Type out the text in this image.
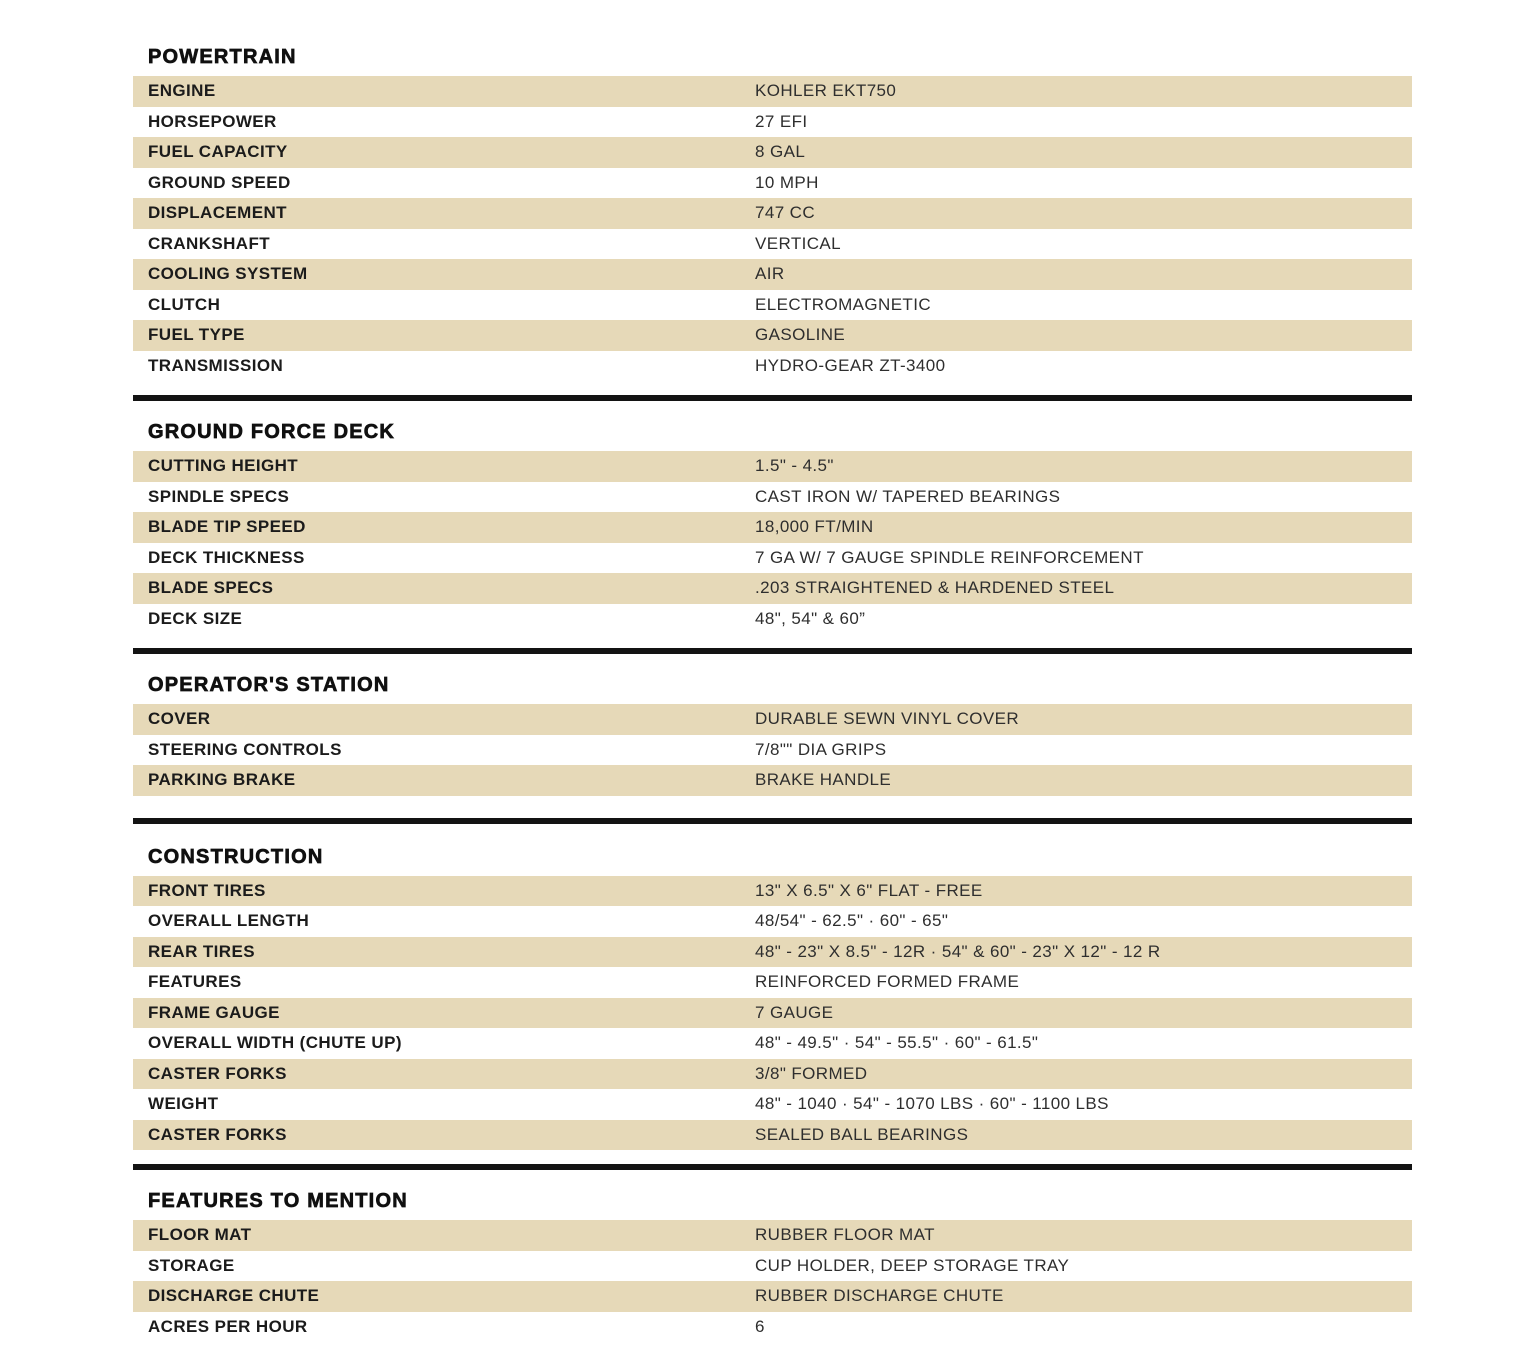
POWERTRAIN
ENGINE	KOHLER EKT750
HORSEPOWER	27 EFI
FUEL CAPACITY	8 GAL
GROUND SPEED	10 MPH
DISPLACEMENT	747 CC
CRANKSHAFT	VERTICAL
COOLING SYSTEM	AIR
CLUTCH	ELECTROMAGNETIC
FUEL TYPE	GASOLINE
TRANSMISSION	HYDRO-GEAR ZT-3400
GROUND FORCE DECK
CUTTING HEIGHT	1.5" - 4.5"
SPINDLE SPECS	CAST IRON W/ TAPERED BEARINGS
BLADE TIP SPEED	18,000 FT/MIN
DECK THICKNESS	7 GA W/ 7 GAUGE SPINDLE REINFORCEMENT
BLADE SPECS	.203 STRAIGHTENED & HARDENED STEEL
DECK SIZE	48", 54" & 60”
OPERATOR'S STATION
COVER	DURABLE SEWN VINYL COVER
STEERING CONTROLS	7/8"" DIA GRIPS
PARKING BRAKE	BRAKE HANDLE
CONSTRUCTION
FRONT TIRES	13" X 6.5" X 6" FLAT - FREE
OVERALL LENGTH	48/54" - 62.5" · 60" - 65"
REAR TIRES	48" - 23" X 8.5" - 12R · 54" & 60" - 23" X 12" - 12 R
FEATURES	REINFORCED FORMED FRAME
FRAME GAUGE	7 GAUGE
OVERALL WIDTH (CHUTE UP)	48" - 49.5" · 54" - 55.5" · 60" - 61.5"
CASTER FORKS	3/8" FORMED
WEIGHT	48" - 1040 · 54" - 1070 LBS · 60" - 1100 LBS
CASTER FORKS	SEALED BALL BEARINGS
FEATURES TO MENTION
FLOOR MAT	RUBBER FLOOR MAT
STORAGE	CUP HOLDER, DEEP STORAGE TRAY
DISCHARGE CHUTE	RUBBER DISCHARGE CHUTE
ACRES PER HOUR	6
